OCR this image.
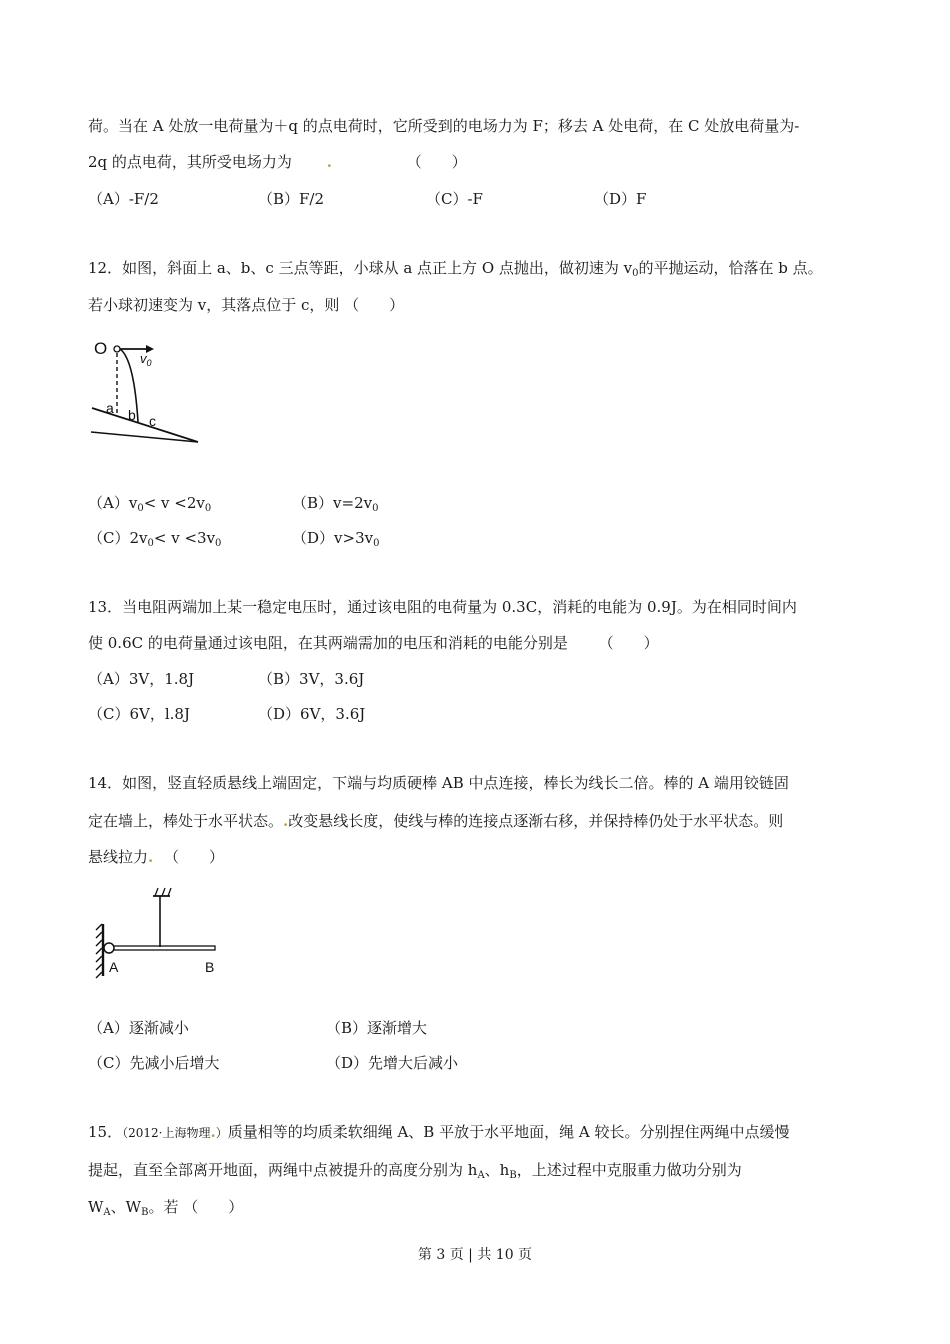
荷。当在 A 处放一电荷量为＋q 的点电荷时，它所受到的电场力为 F；移去 A 处电荷，在 C 处放电荷量为-
2q 的点电荷，其所受电场力为 .	（　　）
（A）-F/2	（B）F/2	（C）-F	（D）F
12．如图，斜面上 a、b、c 三点等距，小球从 a 点正上方 O 点抛出，做初速为 $v_0$的平抛运动，恰落在 b 点。
若小球初速变为 v，其落点位于 c，则 （　　）
O
$v_0$
a b c
$(A)v_0< v <2v_0$	$(B)v=2v_0$
$(C)2v_0< v <3v_0$	$(D)v>3v_0$
13．当电阻两端加上某一稳定电压时，通过该电阻的电荷量为 0.3C，消耗的电能为 0.9J。为在相同时间内
使 0.6C 的电荷量通过该电阻，在其两端需加的电压和消耗的电能分别是 （　　）
（A）3V，1.8J	（B）3V，3.6J
（C）6V，l.8J	（D）6V，3.6J
14．如图，竖直轻质悬线上端固定，下端与均质硬棒 AB 中点连接，棒长为线长二倍。棒的 A 端用铰链固
定在墙上，棒处于水平状态。.改变悬线长度，使线与棒的连接点逐渐右移，并保持棒仍处于水平状态。则
悬线拉力. （　　）
A	B
（A）逐渐减小	（B）逐渐增大
（C）先减小后增大	（D）先增大后减小
15．（2012·上海物理.）质量相等的均质柔软细绳 A、B 平放于水平地面，绳 A 较长。分别捏住两绳中点缓慢
提起，直至全部离开地面，两绳中点被提升的高度分别为 $h_A$、$h_B$，上述过程中克服重力做功分别为
$W_A$、$W_B$。若 （　　）
第 3 页 | 共 10 页
